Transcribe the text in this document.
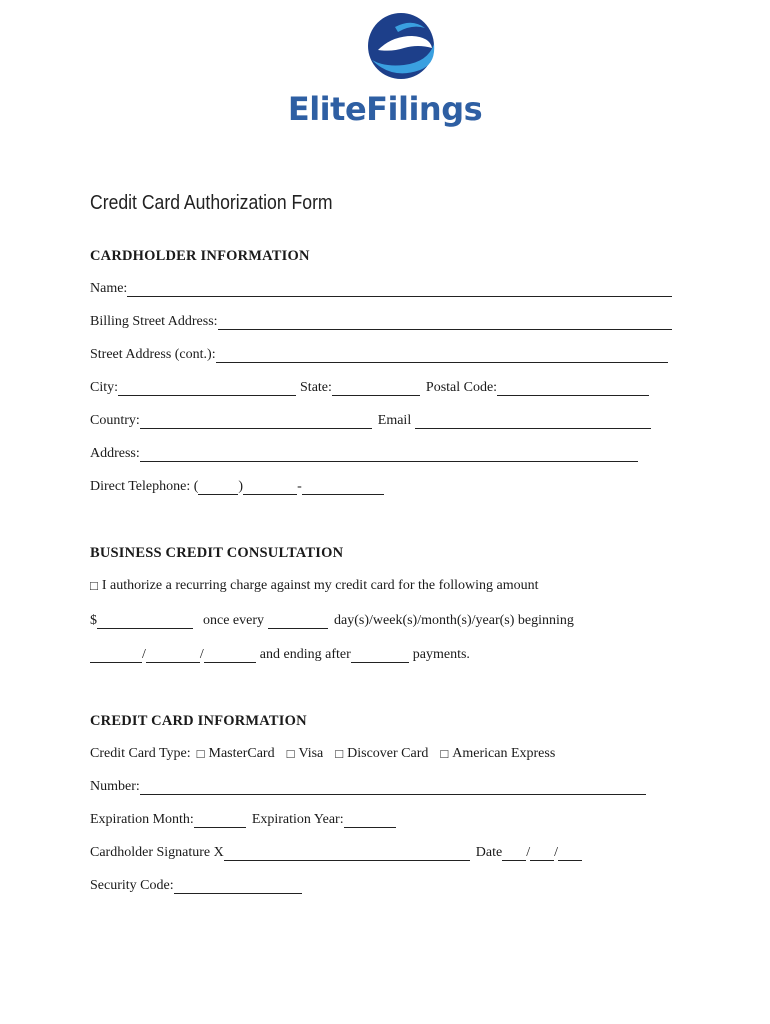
EliteFilings
Credit Card Authorization Form
CARDHOLDER INFORMATION
Name:
Billing Street Address:
Street Address (cont.):
City:	State:	Postal Code:
Country:	Email
Address:
Direct Telephone: (	)	-
BUSINESS CREDIT CONSULTATION
□ I authorize a recurring charge against my credit card for the following amount
$	once every	day(s)/week(s)/month(s)/year(s) beginning
/	/	and ending after	payments.
CREDIT CARD INFORMATION
Credit Card Type: □ MasterCard □ Visa □ Discover Card □ American Express
Number:
Expiration Month:	Expiration Year:
Cardholder Signature X	Date / /
Security Code:
